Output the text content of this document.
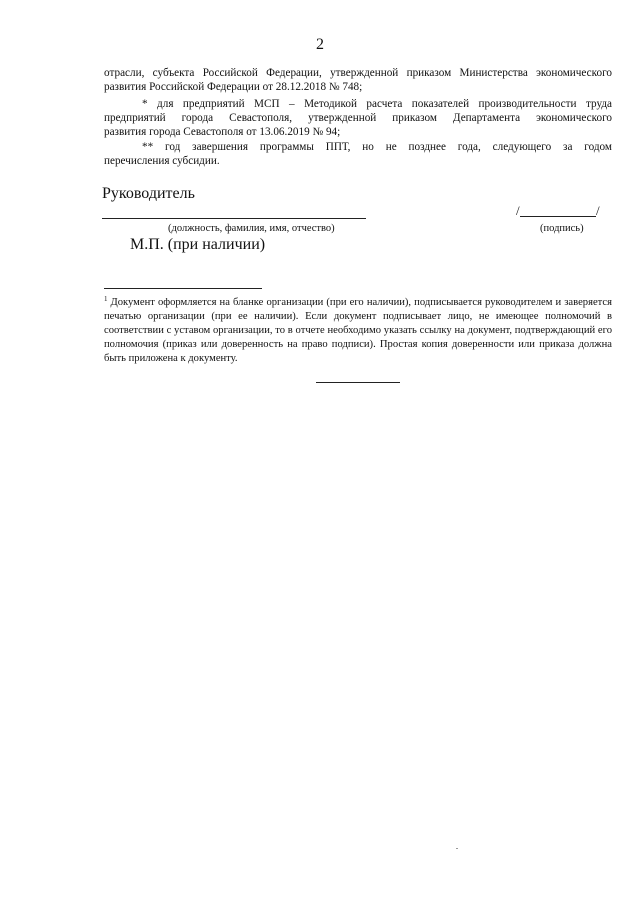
2
отрасли, субъекта Российской Федерации, утвержденной приказом Министерства экономического
развития Российской Федерации от 28.12.2018 № 748;
* для предприятий МСП – Методикой расчета показателей производительности труда
предприятий города Севастополя, утвержденной приказом Департамента экономического
развития города Севастополя от 13.06.2019 № 94;
** год завершения программы ППТ, но не позднее года, следующего за годом
перечисления субсидии.
Руководитель
(должность, фамилия, имя, отчество)
/	/
(подпись)
М.П. (при наличии)
$^1$ Документ оформляется на бланке организации (при его наличии), подписывается руководителем и заверяется печатью организации (при ее наличии). Если документ подписывает лицо, не имеющее полномочий в соответствии с уставом организации, то в отчете необходимо указать ссылку на документ, подтверждающий его полномочия (приказ или доверенность на право подписи). Простая копия доверенности или приказа должна быть приложена к документу.
